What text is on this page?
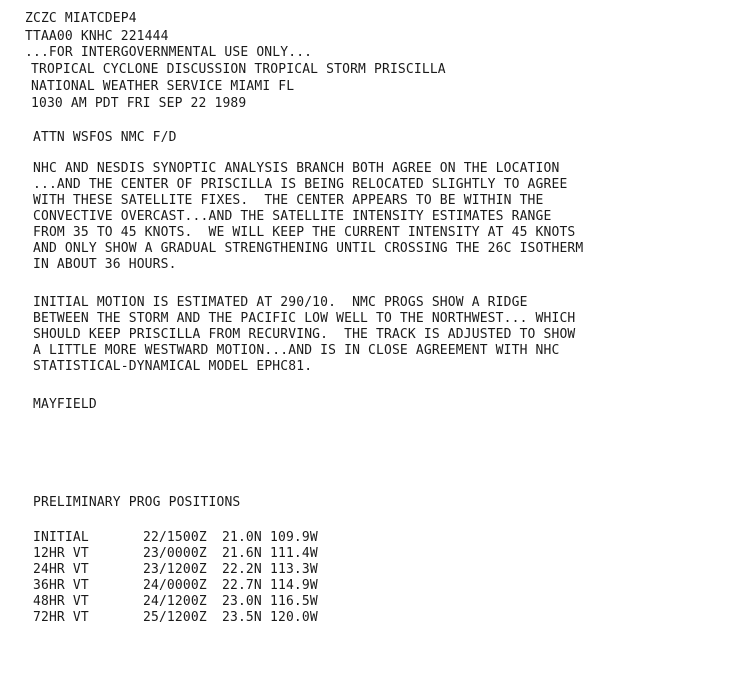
ZCZC MIATCDEP4
TTAA00 KNHC 221444
...FOR INTERGOVERNMENTAL USE ONLY...
TROPICAL CYCLONE DISCUSSION TROPICAL STORM PRISCILLA
NATIONAL WEATHER SERVICE MIAMI FL
1030 AM PDT FRI SEP 22 1989
ATTN WSFOS NMC F/D
NHC AND NESDIS SYNOPTIC ANALYSIS BRANCH BOTH AGREE ON THE LOCATION
...AND THE CENTER OF PRISCILLA IS BEING RELOCATED SLIGHTLY TO AGREE
WITH THESE SATELLITE FIXES.  THE CENTER APPEARS TO BE WITHIN THE
CONVECTIVE OVERCAST...AND THE SATELLITE INTENSITY ESTIMATES RANGE
FROM 35 TO 45 KNOTS.  WE WILL KEEP THE CURRENT INTENSITY AT 45 KNOTS
AND ONLY SHOW A GRADUAL STRENGTHENING UNTIL CROSSING THE 26C ISOTHERM
IN ABOUT 36 HOURS.
INITIAL MOTION IS ESTIMATED AT 290/10.  NMC PROGS SHOW A RIDGE
BETWEEN THE STORM AND THE PACIFIC LOW WELL TO THE NORTHWEST... WHICH
SHOULD KEEP PRISCILLA FROM RECURVING.  THE TRACK IS ADJUSTED TO SHOW
A LITTLE MORE WESTWARD MOTION...AND IS IN CLOSE AGREEMENT WITH NHC
STATISTICAL-DYNAMICAL MODEL EPHC81.
MAYFIELD
PRELIMINARY PROG POSITIONS
INITIAL	22/1500Z 21.0N 109.9W
12HR VT	23/0000Z 21.6N 111.4W
24HR VT	23/1200Z 22.2N 113.3W
36HR VT	24/0000Z 22.7N 114.9W
48HR VT	24/1200Z 23.0N 116.5W
72HR VT	25/1200Z 23.5N 120.0W
